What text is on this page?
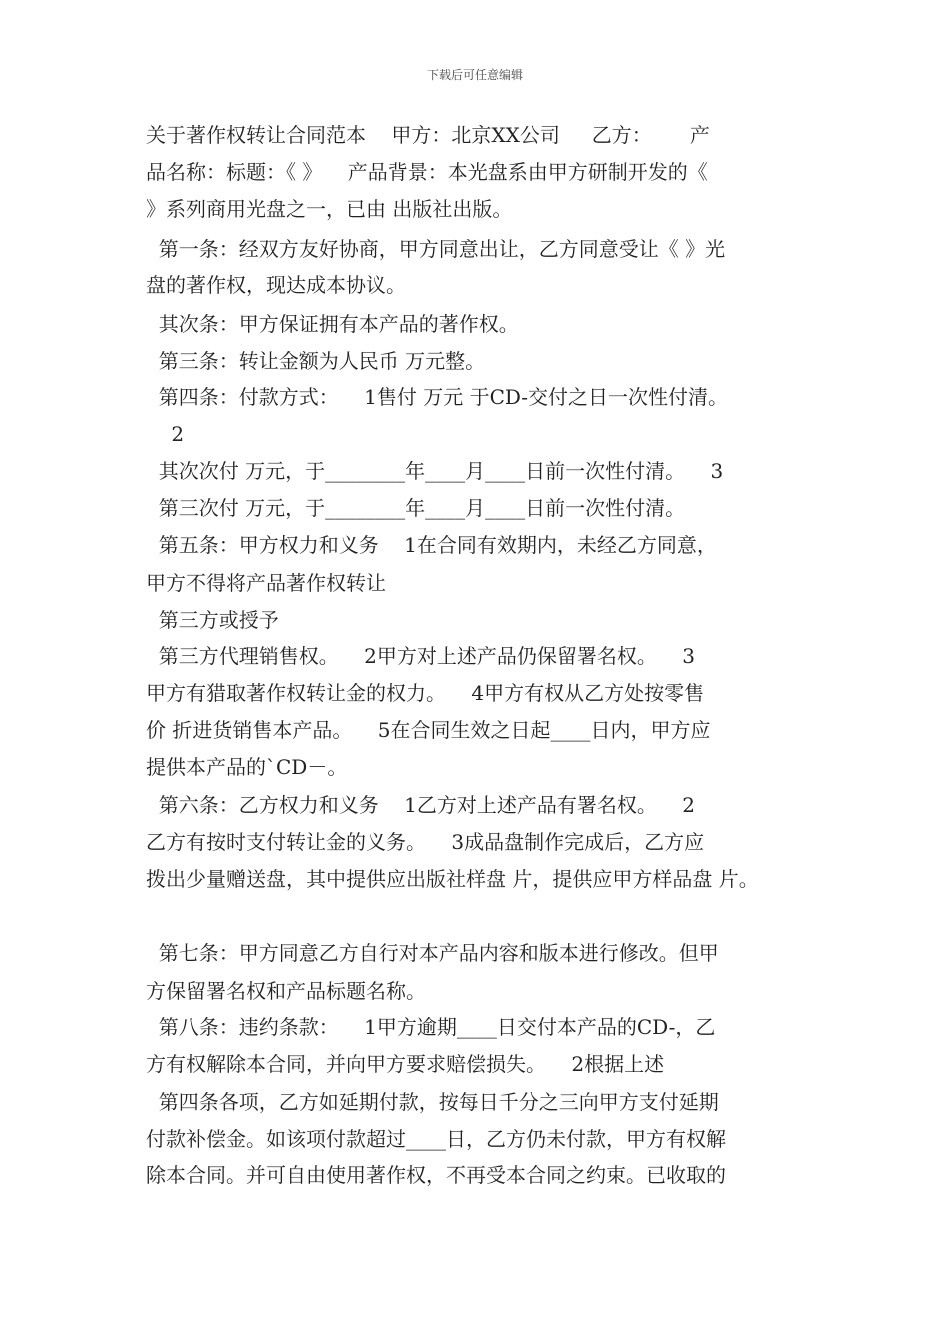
下载后可任意编辑
关于著作权转让合同范本    甲方：北京XX公司     乙方：      产
品名称：标题：《 》    产品背景：本光盘系由甲方研制开发的《
》系列商用光盘之一，已由 出版社出版。
第一条：经双方友好协商，甲方同意出让，乙方同意受让《 》光
盘的著作权，现达成本协议。
其次条：甲方保证拥有本产品的著作权。
第三条：转让金额为人民币 万元整。
第四条：付款方式：    1售付 万元 于CD-交付之日一次性付清。
2
其次次付 万元，于________年____月____日前一次性付清。    3
第三次付 万元，于________年____月____日前一次性付清。
第五条：甲方权力和义务    1在合同有效期内，未经乙方同意，
甲方不得将产品著作权转让
第三方或授予
第三方代理销售权。    2甲方对上述产品仍保留署名权。    3
甲方有猎取著作权转让金的权力。    4甲方有权从乙方处按零售
价 折进货销售本产品。    5在合同生效之日起____日内，甲方应
提供本产品的`CD－。
第六条：乙方权力和义务    1乙方对上述产品有署名权。    2
乙方有按时支付转让金的义务。    3成品盘制作完成后，乙方应
拨出少量赠送盘，其中提供应出版社样盘 片，提供应甲方样品盘 片。
第七条：甲方同意乙方自行对本产品内容和版本进行修改。但甲
方保留署名权和产品标题名称。
第八条：违约条款：    1甲方逾期____日交付本产品的CD-，乙
方有权解除本合同，并向甲方要求赔偿损失。    2根据上述
第四条各项，乙方如延期付款，按每日千分之三向甲方支付延期
付款补偿金。如该项付款超过____日，乙方仍未付款，甲方有权解
除本合同。并可自由使用著作权，不再受本合同之约束。已收取的
